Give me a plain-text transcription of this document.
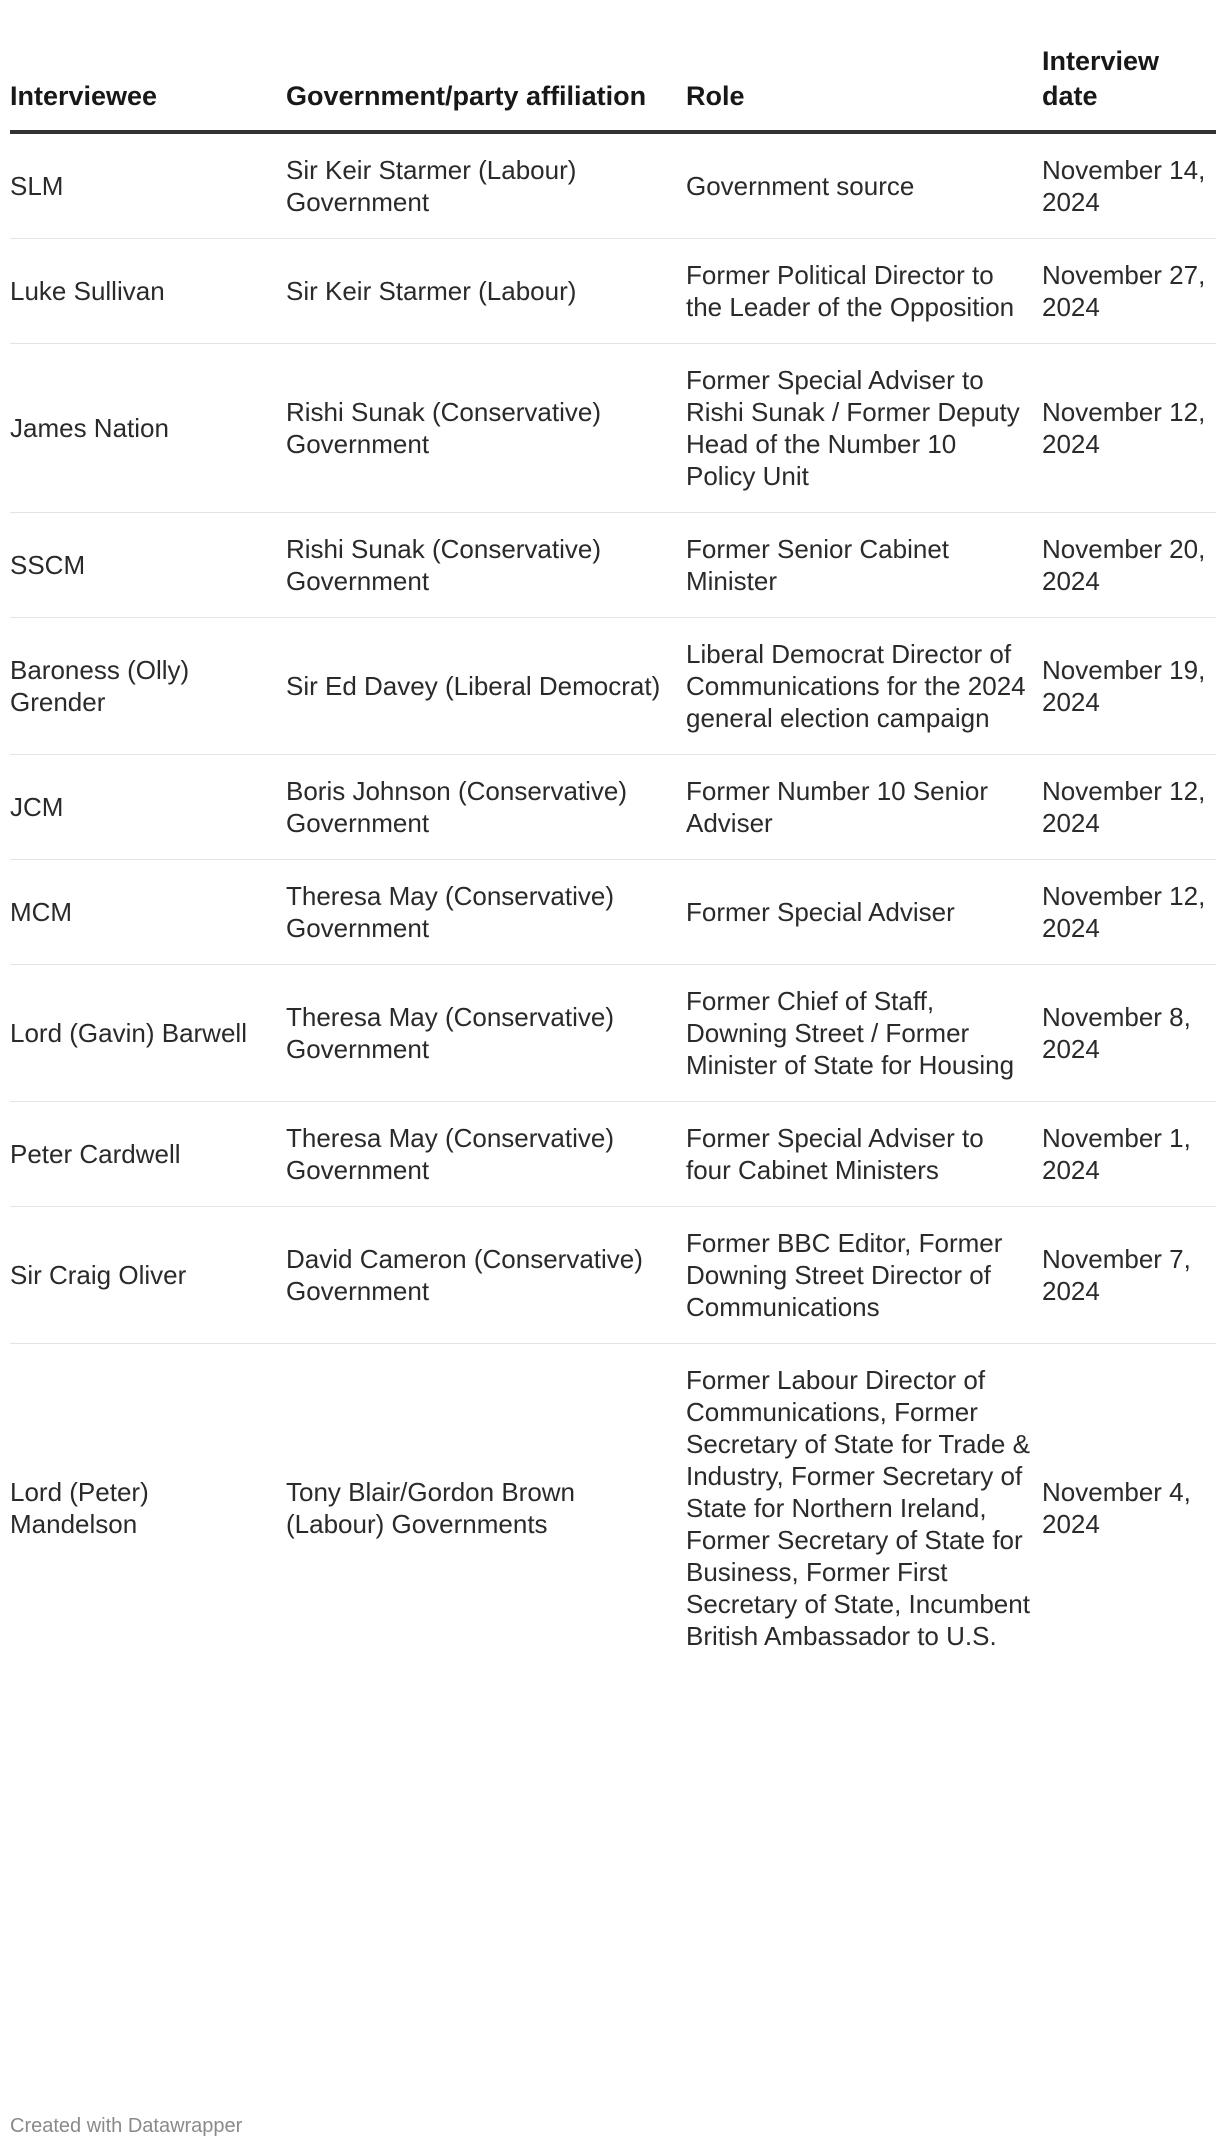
Interviewee	Government/party affiliation	Role	Interview date
SLM	Sir Keir Starmer (Labour) Government	Government source	November 14, 2024
Luke Sullivan	Sir Keir Starmer (Labour)	Former Political Director to the Leader of the Opposition	November 27, 2024
James Nation	Rishi Sunak (Conservative) Government	Former Special Adviser to Rishi Sunak / Former Deputy Head of the Number 10 Policy Unit	November 12, 2024
SSCM	Rishi Sunak (Conservative) Government	Former Senior Cabinet Minister	November 20, 2024
Baroness (Olly) Grender	Sir Ed Davey (Liberal Democrat)	Liberal Democrat Director of Communications for the 2024 general election campaign	November 19, 2024
JCM	Boris Johnson (Conservative) Government	Former Number 10 Senior Adviser	November 12, 2024
MCM	Theresa May (Conservative) Government	Former Special Adviser	November 12, 2024
Lord (Gavin) Barwell	Theresa May (Conservative) Government	Former Chief of Staff, Downing Street / Former Minister of State for Housing	November 8, 2024
Peter Cardwell	Theresa May (Conservative) Government	Former Special Adviser to four Cabinet Ministers	November 1, 2024
Sir Craig Oliver	David Cameron (Conservative) Government	Former BBC Editor, Former Downing Street Director of Communications	November 7, 2024
Lord (Peter) Mandelson	Tony Blair/Gordon Brown (Labour) Governments	Former Labour Director of Communications, Former Secretary of State for Trade & Industry, Former Secretary of State for Northern Ireland, Former Secretary of State for Business, Former First Secretary of State, Incumbent British Ambassador to U.S.	November 4, 2024
Created with Datawrapper
